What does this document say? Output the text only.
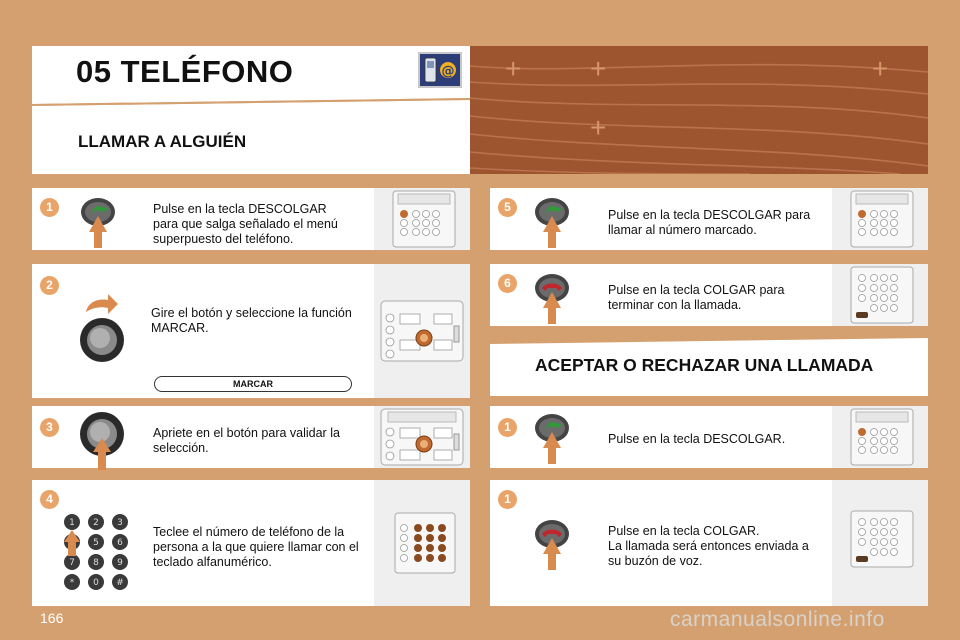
+ +	+
+
05 TELÉFONO	@
LLAMAR A ALGUIÉN
1	Pulse en la tecla DESCOLGAR
para que salga señalado el menú
superpuesto del teléfono.
2
Gire el botón y seleccione la función
MARCAR.
MARCAR
3	Apriete en el botón para validar la
selección.
4
1 2 3
5 6
7 8 9
* 0 #
Teclee el número de teléfono de la
persona a la que quiere llamar con el
teclado alfanumérico.
5
Pulse en la tecla DESCOLGAR para
llamar al número marcado.
6	Pulse en la tecla COLGAR para
terminar con la llamada.
ACEPTAR O RECHAZAR UNA LLAMADA
1
Pulse en la tecla DESCOLGAR.
1
Pulse en la tecla COLGAR.
La llamada será entonces enviada a
su buzón de voz.
166	carmanualsonline.info
